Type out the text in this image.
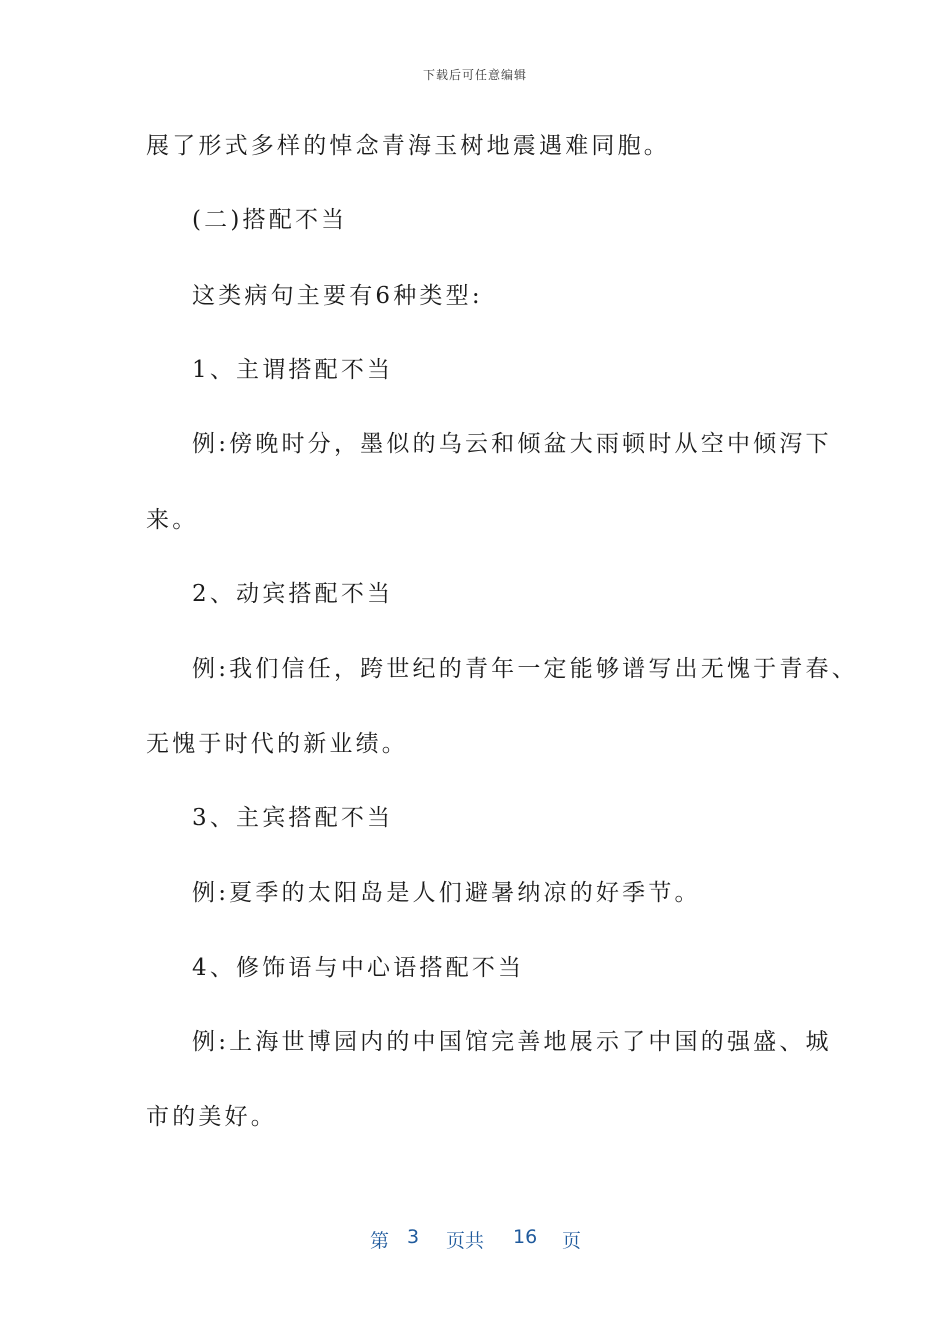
下载后可任意编辑
展了形式多样的悼念青海玉树地震遇难同胞。
(二)搭配不当
这类病句主要有6种类型:
1、主谓搭配不当
例:傍晚时分，墨似的乌云和倾盆大雨顿时从空中倾泻下
来。
2、动宾搭配不当
例:我们信任，跨世纪的青年一定能够谱写出无愧于青春、
无愧于时代的新业绩。
3、主宾搭配不当
例:夏季的太阳岛是人们避暑纳凉的好季节。
4、修饰语与中心语搭配不当
例:上海世博园内的中国馆完善地展示了中国的强盛、城
市的美好。
第 3 页共 16 页
